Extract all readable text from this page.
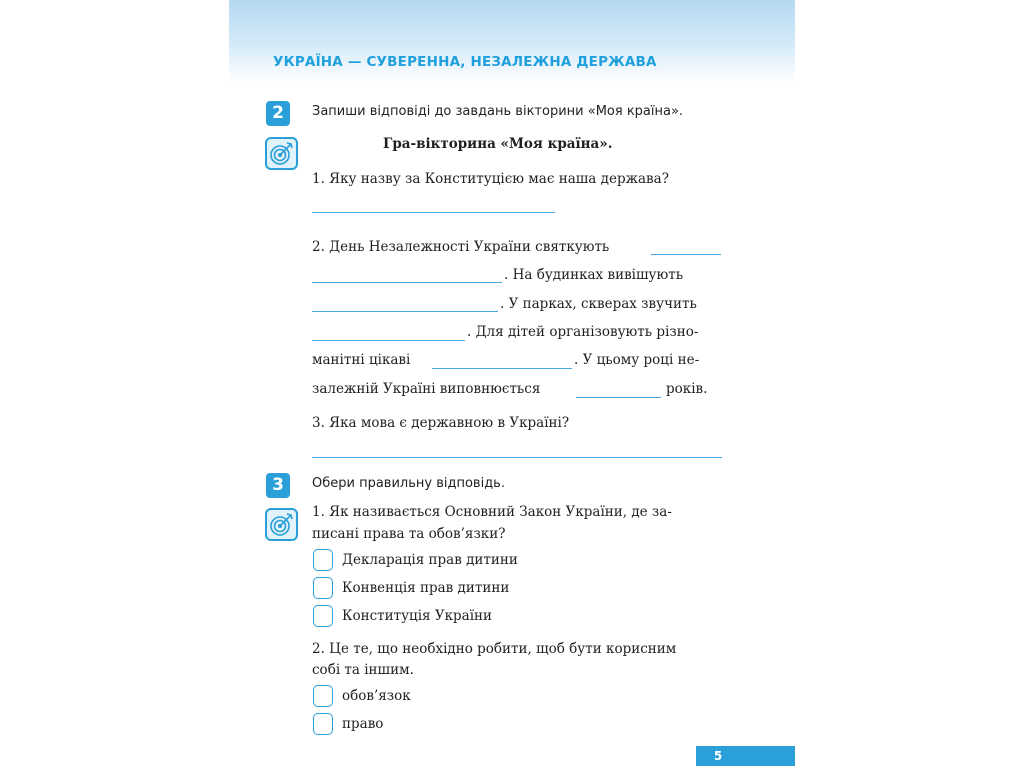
УКРАЇНА — СУВЕРЕННА, НЕЗАЛЕЖНА ДЕРЖАВА
2	Запиши відповіді до завдань вікторини «Моя країна».
Гра-вікторина «Моя країна».
1. Яку назву за Конституцією має наша держава?
2. День Незалежності України святкують
. На будинках вивішують
. У парках, скверах звучить
. Для дітей організовують різно-
манітні цікаві	. У цьому році не-
залежній Україні виповнюється	років.
3. Яка мова є державною в Україні?
3	Обери правильну відповідь.
1. Як називається Основний Закон України, де за-
писані права та обов’язки?
Декларація прав дитини
Конвенція прав дитини
Конституція України
2. Це те, що необхідно робити, щоб бути корисним
собі та іншим.
обов’язок
право
5
